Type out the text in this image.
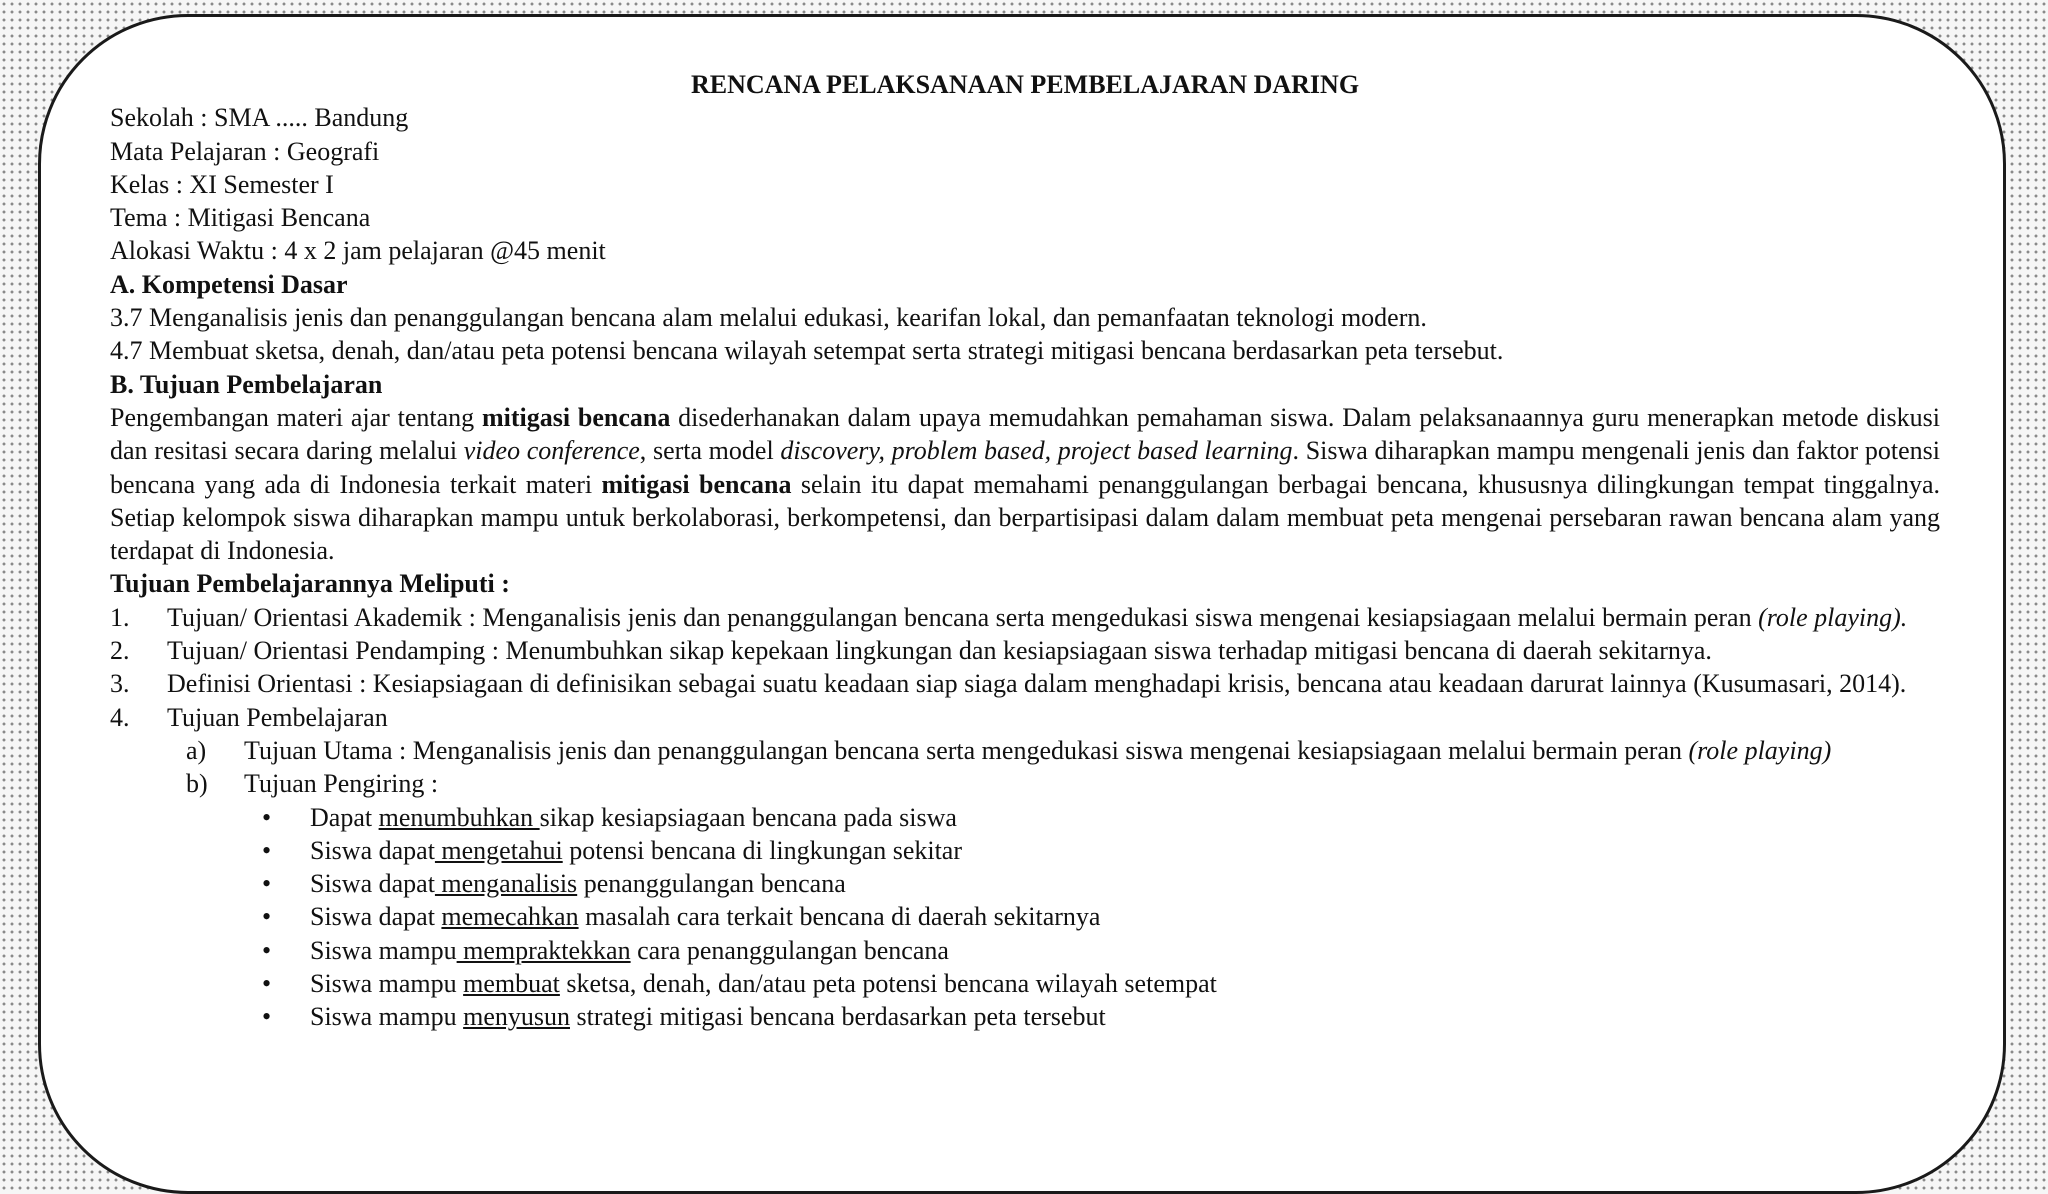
RENCANA PELAKSANAAN PEMBELAJARAN DARING

Sekolah : SMA ..... Bandung

Mata Pelajaran : Geografi

Kelas : XI Semester I

Tema : Mitigasi Bencana

Alokasi Waktu : 4 x 2 jam pelajaran @45 menit

A. Kompetensi Dasar

3.7 Menganalisis jenis dan penanggulangan bencana alam melalui edukasi, kearifan lokal, dan pemanfaatan teknologi modern.

4.7 Membuat sketsa, denah, dan/atau peta potensi bencana wilayah setempat serta strategi mitigasi bencana berdasarkan peta tersebut.

B. Tujuan Pembelajaran

Pengembangan materi ajar tentang mitigasi bencana disederhanakan dalam upaya memudahkan pemahaman siswa. Dalam pelaksanaannya guru menerapkan metode diskusi dan resitasi secara daring melalui video conference, serta model discovery, problem based, project based learning. Siswa diharapkan mampu mengenali jenis dan faktor potensi bencana yang ada di Indonesia terkait materi mitigasi bencana selain itu dapat memahami penanggulangan berbagai bencana, khususnya dilingkungan tempat tinggalnya. Setiap kelompok siswa diharapkan mampu untuk berkolaborasi, berkompetensi, dan berpartisipasi dalam dalam membuat peta mengenai persebaran rawan bencana alam yang terdapat di Indonesia.

Tujuan Pembelajarannya Meliputi :

1. Tujuan/ Orientasi Akademik : Menganalisis jenis dan penanggulangan bencana serta mengedukasi siswa mengenai kesiapsiagaan melalui bermain peran (role playing).
2. Tujuan/ Orientasi Pendamping : Menumbuhkan sikap kepekaan lingkungan dan kesiapsiagaan siswa terhadap mitigasi bencana di daerah sekitarnya.
3. Definisi Orientasi : Kesiapsiagaan di definisikan sebagai suatu keadaan siap siaga dalam menghadapi krisis, bencana atau keadaan darurat lainnya (Kusumasari, 2014).
4. Tujuan Pembelajaran
a) Tujuan Utama : Menganalisis jenis dan penanggulangan bencana serta mengedukasi siswa mengenai kesiapsiagaan melalui bermain peran (role playing)
b) Tujuan Pengiring :
• Dapat menumbuhkan sikap kesiapsiagaan bencana pada siswa
• Siswa dapat mengetahui potensi bencana di lingkungan sekitar
• Siswa dapat menganalisis penanggulangan bencana
• Siswa dapat memecahkan masalah cara terkait bencana di daerah sekitarnya
• Siswa mampu mempraktekkan cara penanggulangan bencana
• Siswa mampu membuat sketsa, denah, dan/atau peta potensi bencana wilayah setempat
• Siswa mampu menyusun strategi mitigasi bencana berdasarkan peta tersebut
